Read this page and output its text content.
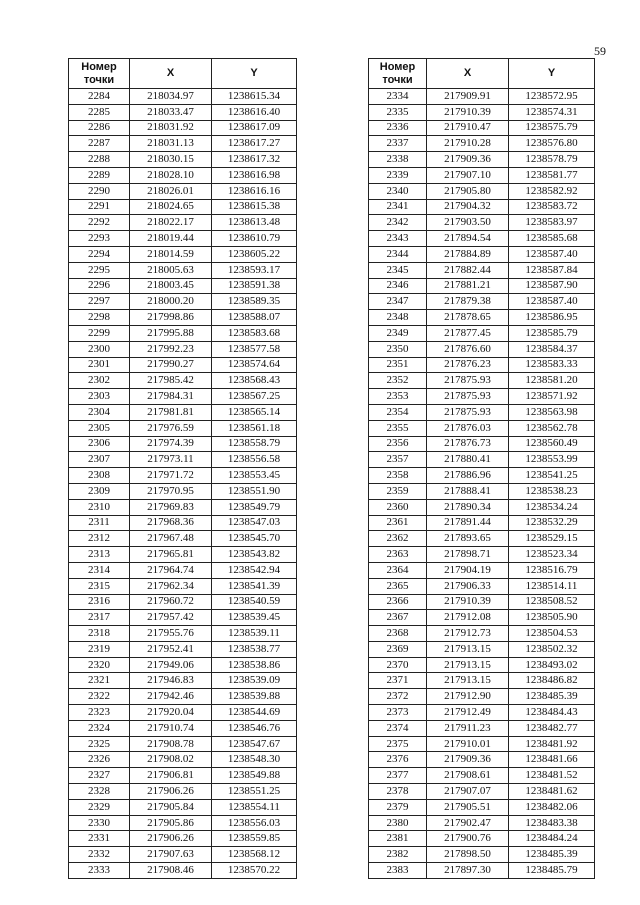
59
Номер
точки	X	Y
2284	218034.97	1238615.34
2285	218033.47	1238616.40
2286	218031.92	1238617.09
2287	218031.13	1238617.27
2288	218030.15	1238617.32
2289	218028.10	1238616.98
2290	218026.01	1238616.16
2291	218024.65	1238615.38
2292	218022.17	1238613.48
2293	218019.44	1238610.79
2294	218014.59	1238605.22
2295	218005.63	1238593.17
2296	218003.45	1238591.38
2297	218000.20	1238589.35
2298	217998.86	1238588.07
2299	217995.88	1238583.68
2300	217992.23	1238577.58
2301	217990.27	1238574.64
2302	217985.42	1238568.43
2303	217984.31	1238567.25
2304	217981.81	1238565.14
2305	217976.59	1238561.18
2306	217974.39	1238558.79
2307	217973.11	1238556.58
2308	217971.72	1238553.45
2309	217970.95	1238551.90
2310	217969.83	1238549.79
2311	217968.36	1238547.03
2312	217967.48	1238545.70
2313	217965.81	1238543.82
2314	217964.74	1238542.94
2315	217962.34	1238541.39
2316	217960.72	1238540.59
2317	217957.42	1238539.45
2318	217955.76	1238539.11
2319	217952.41	1238538.77
2320	217949.06	1238538.86
2321	217946.83	1238539.09
2322	217942.46	1238539.88
2323	217920.04	1238544.69
2324	217910.74	1238546.76
2325	217908.78	1238547.67
2326	217908.02	1238548.30
2327	217906.81	1238549.88
2328	217906.26	1238551.25
2329	217905.84	1238554.11
2330	217905.86	1238556.03
2331	217906.26	1238559.85
2332	217907.63	1238568.12
2333	217908.46	1238570.22
Номер
точки	X	Y
2334	217909.91	1238572.95
2335	217910.39	1238574.31
2336	217910.47	1238575.79
2337	217910.28	1238576.80
2338	217909.36	1238578.79
2339	217907.10	1238581.77
2340	217905.80	1238582.92
2341	217904.32	1238583.72
2342	217903.50	1238583.97
2343	217894.54	1238585.68
2344	217884.89	1238587.40
2345	217882.44	1238587.84
2346	217881.21	1238587.90
2347	217879.38	1238587.40
2348	217878.65	1238586.95
2349	217877.45	1238585.79
2350	217876.60	1238584.37
2351	217876.23	1238583.33
2352	217875.93	1238581.20
2353	217875.93	1238571.92
2354	217875.93	1238563.98
2355	217876.03	1238562.78
2356	217876.73	1238560.49
2357	217880.41	1238553.99
2358	217886.96	1238541.25
2359	217888.41	1238538.23
2360	217890.34	1238534.24
2361	217891.44	1238532.29
2362	217893.65	1238529.15
2363	217898.71	1238523.34
2364	217904.19	1238516.79
2365	217906.33	1238514.11
2366	217910.39	1238508.52
2367	217912.08	1238505.90
2368	217912.73	1238504.53
2369	217913.15	1238502.32
2370	217913.15	1238493.02
2371	217913.15	1238486.82
2372	217912.90	1238485.39
2373	217912.49	1238484.43
2374	217911.23	1238482.77
2375	217910.01	1238481.92
2376	217909.36	1238481.66
2377	217908.61	1238481.52
2378	217907.07	1238481.62
2379	217905.51	1238482.06
2380	217902.47	1238483.38
2381	217900.76	1238484.24
2382	217898.50	1238485.39
2383	217897.30	1238485.79
